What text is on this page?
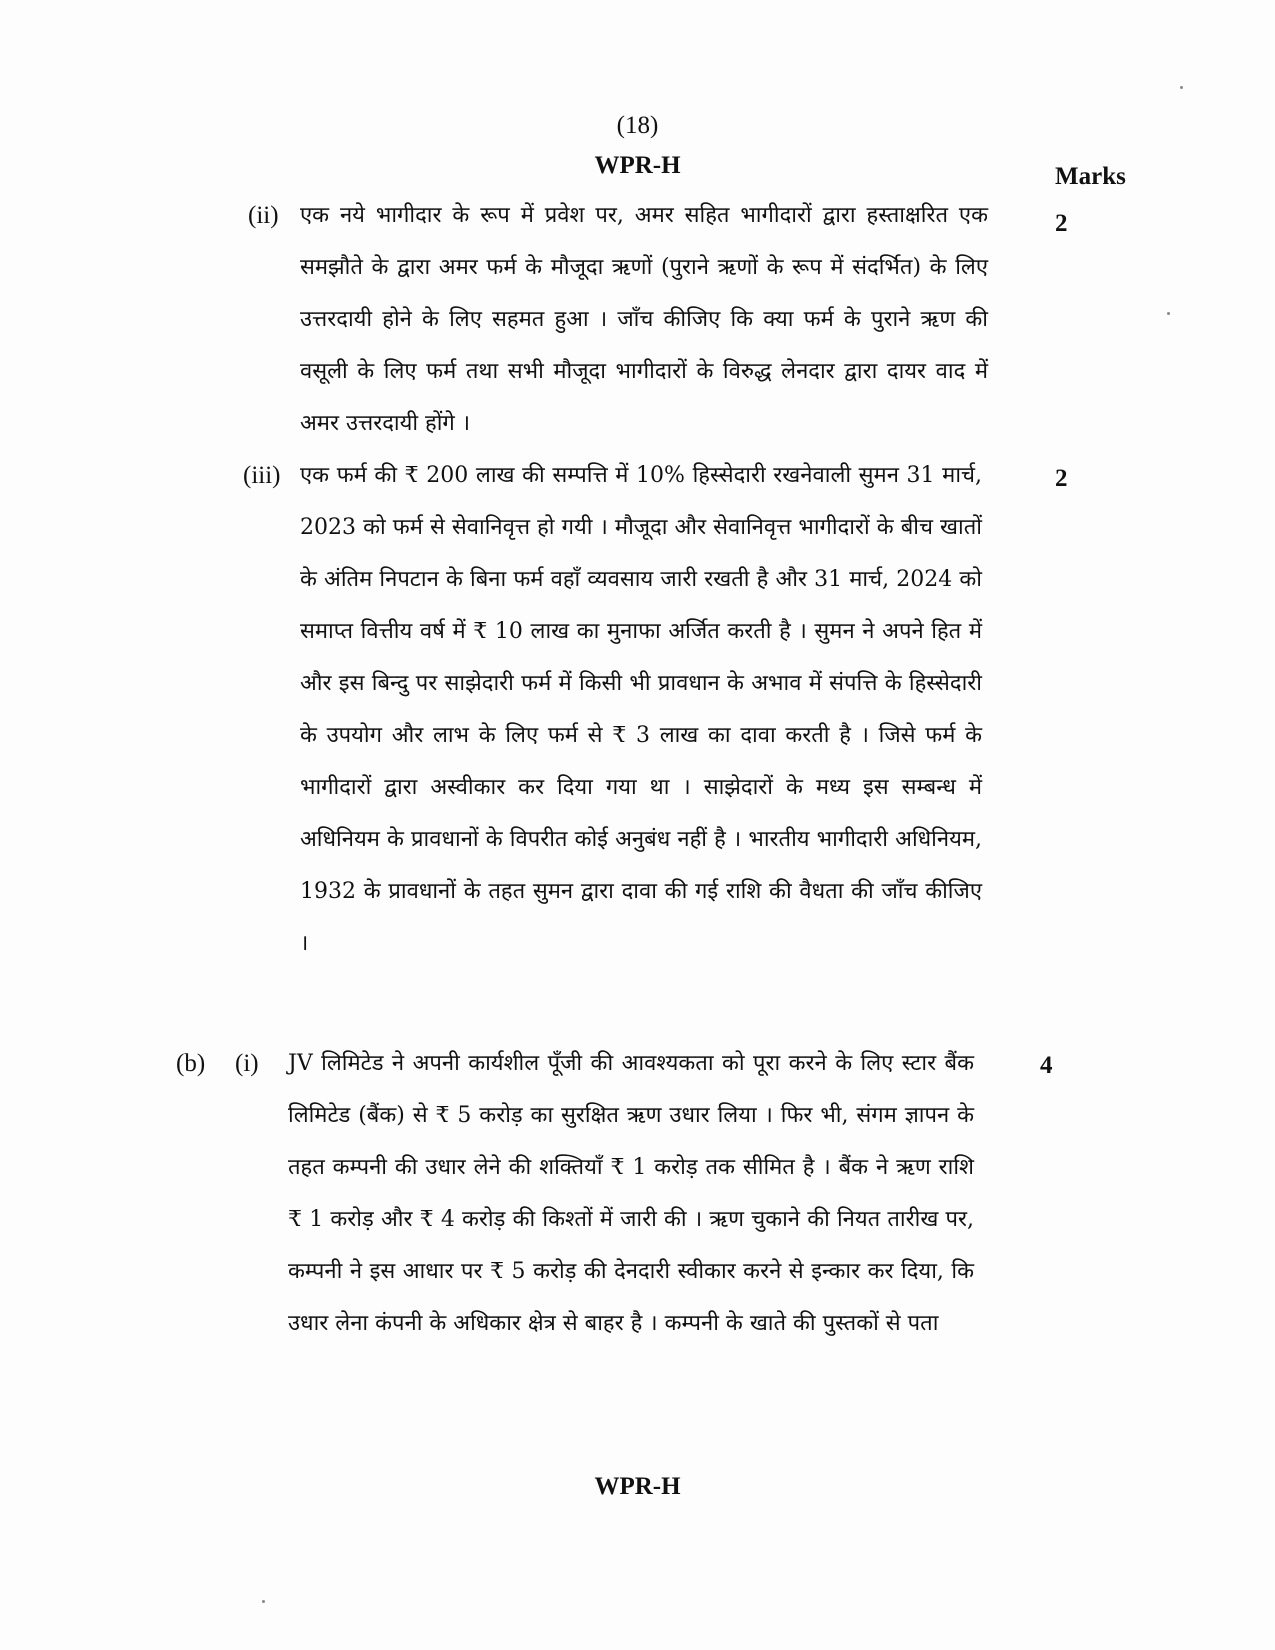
(18)
WPR-H	Marks
(ii)	2

एक नये भागीदार के रूप में प्रवेश पर, अमर सहित भागीदारों द्वारा हस्ताक्षरित एक समझौते के द्वारा अमर फर्म के मौजूदा ऋणों (पुराने ऋणों के रूप में संदर्भित) के लिए उत्तरदायी होने के लिए सहमत हुआ । जाँच कीजिए कि क्या फर्म के पुराने ऋण की वसूली के लिए फर्म तथा सभी मौजूदा भागीदारों के विरुद्ध लेनदार द्वारा दायर वाद में अमर उत्तरदायी होंगे ।

(iii)	2

एक फर्म की ₹ 200 लाख की सम्पत्ति में 10% हिस्सेदारी रखनेवाली सुमन 31 मार्च, 2023 को फर्म से सेवानिवृत्त हो गयी । मौजूदा और सेवानिवृत्त भागीदारों के बीच खातों के अंतिम निपटान के बिना फर्म वहाँ व्यवसाय जारी रखती है और 31 मार्च, 2024 को समाप्त वित्तीय वर्ष में ₹ 10 लाख का मुनाफा अर्जित करती है । सुमन ने अपने हित में और इस बिन्दु पर साझेदारी फर्म में किसी भी प्रावधान के अभाव में संपत्ति के हिस्सेदारी के उपयोग और लाभ के लिए फर्म से ₹ 3 लाख का दावा करती है । जिसे फर्म के भागीदारों द्वारा अस्वीकार कर दिया गया था । साझेदारों के मध्य इस सम्बन्ध में अधिनियम के प्रावधानों के विपरीत कोई अनुबंध नहीं है । भारतीय भागीदारी अधिनियम, 1932 के प्रावधानों के तहत सुमन द्वारा दावा की गई राशि की वैधता की जाँच कीजिए ।

(b) (i)	4

JV लिमिटेड ने अपनी कार्यशील पूँजी की आवश्यकता को पूरा करने के लिए स्टार बैंक लिमिटेड (बैंक) से ₹ 5 करोड़ का सुरक्षित ऋण उधार लिया । फिर भी, संगम ज्ञापन के तहत कम्पनी की उधार लेने की शक्तियाँ ₹ 1 करोड़ तक सीमित है । बैंक ने ऋण राशि ₹ 1 करोड़ और ₹ 4 करोड़ की किश्तों में जारी की । ऋण चुकाने की नियत तारीख पर, कम्पनी ने इस आधार पर ₹ 5 करोड़ की देनदारी स्वीकार करने से इन्कार कर दिया, कि उधार लेना कंपनी के अधिकार क्षेत्र से बाहर है । कम्पनी के खाते की पुस्तकों से पता

WPR-H
